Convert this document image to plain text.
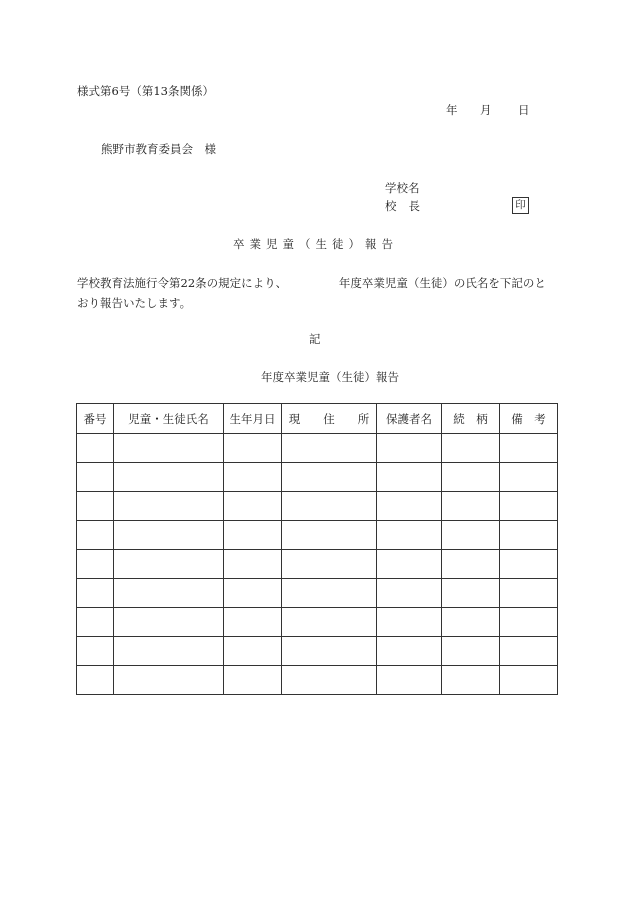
様式第6号（第13条関係）
年 月 日
熊野市教育委員会　様
学校名
校長	印
卒業児童（生徒）報告
学校教育法施行令第22条の規定により、　　　　　年度卒業児童（生徒）の氏名を下記のとおり報告いたします。
記
年度卒業児童（生徒）報告
番号	児童・生徒氏名	生年月日	現　　住　　所	保護者名	続　柄	備　考
